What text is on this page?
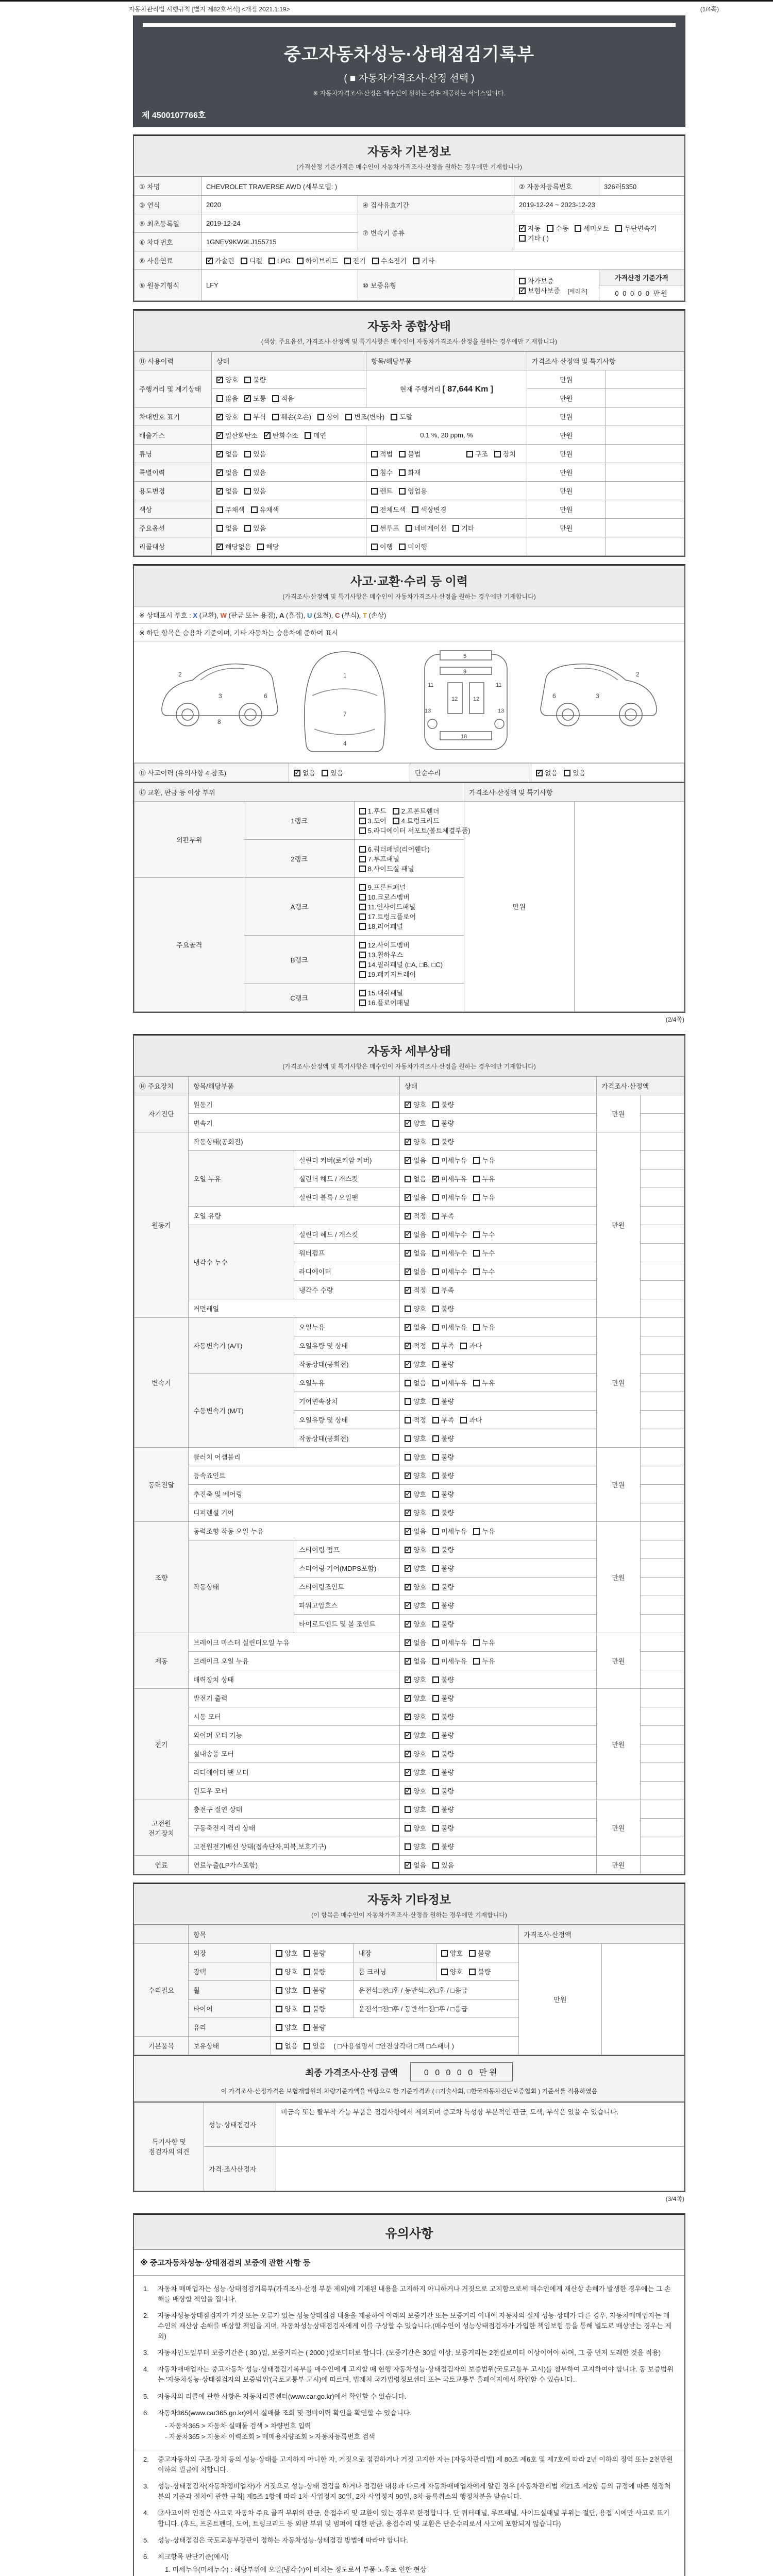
자동차관리법 시행규칙 [별지 제82호서식] <개정 2021.1.19>	(1/4쪽)
중고자동차성능·상태점검기록부
( ■ 자동차가격조사·산정 선택 )
※ 자동차가격조사·산정은 매수인이 원하는 경우 제공하는 서비스입니다.
제 4500107766호
자동차 기본정보
(가격산정 기준가격은 매수인이 자동차가격조사·산정을 원하는 경우에만 기재합니다)
① 차명	CHEVROLET TRAVERSE AWD (세부모델: )		② 자동차등록번호	326러5350
③ 연식	2020	④ 검사유효기간	2019-12-24 ~ 2023-12-23	
⑤ 최초등록일	2019-12-24	⑦ 변속기 종류	✓자동 수동 세미오토 무단변속기기타 ( )
⑥ 차대번호	1GNEV9KW9LJ155715			
⑧ 사용연료	✓가솔린 디젤 LPG 하이브리드 전기 수소전기 기타
⑨ 원동기형식	LFY	⑩ 보증유형	자가보증✓보험사보증 [메리츠]	가격산정 기준가격
0 0 0 0 0 만원
자동차 종합상태
(색상, 주요옵션, 가격조사·산정액 및 특기사항은 매수인이 자동차가격조사·산정을 원하는 경우에만 기재합니다)
⑪ 사용이력	상태	항목/해당부품	가격조사·산정액 및 특기사항	
주행거리 및 계기상태	✓양호 불량	현재 주행거리 [ 87,644 Km ]	만원	
	많음 ✓ 보통 적음		만원	
차대번호 표기	✓양호 부식 훼손(오손) 상이 변조(변타) 도말		만원	
배출가스	✓일산화탄소 ✓ 탄화수소 매연	0.1 %, 20 ppm, %	만원	
튜닝	✓없음 있음	적법 불법 구조 장치	만원	
특별이력	✓없음 있음	침수 화재	만원	
용도변경	✓없음 있음	렌트 영업용	만원	
색상	무채색 유채색	전체도색 색상변경	만원	
주요옵션	없음 있음	썬루프 네비게이션 기타	만원	
리콜대상	✓해당없음 해당	이행 미이행		
사고·교환·수리 등 이력
(가격조사·산정액 및 특기사항은 매수인이 자동차가격조사·산정을 원하는 경우에만 기재합니다)
※ 상태표시 부호 : X (교환), W (판금 또는 용접), A (흠집), U (요철), C (부식), T (손상)
※ 하단 항목은 승용차 기준이며, 기타 자동차는 승용차에 준하여 표시
2
3	6
8
1
7
4
5
9
11	11
13	13
12	12
18
2
3
6
⑫ 사고이력 (유의사항 4.참조)	✓없음 있음	단순수리	✓없음 있음
⑬ 교환, 판금 등 이상 부위			가격조사·산정액 및 특기사항	
외판부위	1랭크	1.후드 2.프론트휀더3.도어 4.트렁크리드5.라디에이터 서포트(볼트체결부품)	만원	
	2랭크	6.쿼터패널(리어휀다)7.루프패널8.사이드실 패널		
주요골격	A랭크	9.프론트패널10.크로스멤버11.인사이드패널17.트렁크플로어18.리어패널		
	B랭크	12.사이드멤버13.휠하우스14.필러패널 (□A, □B, □C)19.패키지트레이		
	C랭크	15.대쉬패널16.플로어패널		
(2/4쪽)
자동차 세부상태
(가격조사·산정액 및 특기사항은 매수인이 자동차가격조사·산정을 원하는 경우에만 기재합니다)
⑭ 주요장치	항목/해당부품		상태	가격조사·산정액	
자기진단	원동기	✓양호 불량	만원	
	변속기	✓양호 불량	
원동기	작동상태(공회전)	✓양호 불량	만원	
	오일 누유	실린더 커버(로커암 커버)	✓없음 미세누유 누유	
		실린더 헤드 / 개스킷	없음 ✓ 미세누유 누유	
		실린더 블록 / 오일팬	✓없음 미세누유 누유	
	오일 유량	✓적정 부족	
	냉각수 누수	실린더 헤드 / 개스킷	✓없음 미세누수 누수	
		워터펌프	✓없음 미세누수 누수	
		라디에이터	✓없음 미세누수 누수	
		냉각수 수량	✓적정 부족	
	커먼레일		양호 불량		
변속기	자동변속기 (A/T)	오일누유	✓없음 미세누유 누유	만원	
		오일유량 및 상태	✓적정 부족 과다	
		작동상태(공회전)	✓양호 불량	
	수동변속기 (M/T)	오일누유	없음 미세누유 누유		
		기어변속장치	양호 불량		
		오일유량 및 상태	적정 부족 과다		
		작동상태(공회전)	양호 불량		
동력전달	클러치 어셈블리		양호 불량	만원	
	등속죠인트	✓양호 불량	
	추진축 및 베어링	✓양호 불량	
	디퍼렌셜 기어	✓양호 불량	
조향	동력조향 작동 오일 누유	✓없음 미세누유 누유	만원	
	작동상태	스티어링 펌프	✓양호 불량	
		스티어링 기어(MDPS포함)	✓양호 불량	
		스티어링조인트	✓양호 불량	
		파워고압호스	✓양호 불량	
		타이로드엔드 및 볼 조인트	✓양호 불량	
제동	브레이크 마스터 실린더오일 누유	✓없음 미세누유 누유	만원	
	브레이크 오일 누유	✓없음 미세누유 누유	
	배력장치 상태	✓양호 불량	
전기	발전기 출력	✓양호 불량	만원	
	시동 모터	✓양호 불량	
	와이퍼 모터 기능	✓양호 불량	
	실내송풍 모터	✓양호 불량	
	라디에이터 팬 모터	✓양호 불량	
	윈도우 모터	✓양호 불량	
고전원 전기장치	충전구 절연 상태		양호 불량	만원	
	구동축전지 격리 상태		양호 불량		
	고전원전기배선 상태(접속단자,피복,보호기구)		양호 불량		
연료	연료누출(LP가스포함)	✓없음 있음	만원	
자동차 기타정보
(이 항목은 매수인이 자동차가격조사·산정을 원하는 경우에만 기재합니다)
	항목				가격조사·산정액	
수리필요	외장	양호 불량	내장	양호 불량	만원	
	광택	양호 불량	룸 크리닝	양호 불량		
	휠	양호 불량	운전석□전□후 / 동반석□전□후 / □응급			
	타이어	양호 불량	운전석□전□후 / 동반석□전□후 / □응급			
	유리	양호 불량				
기본품목	보유상태	없음 있음 ( □사용설명서 □안전삼각대 □잭 □스패너 )				
최종 가격조사·산정 금액	0 0 0 0 0 만원
이 가격조사·산정가격은 보험개발원의 차량기준가액을 바탕으로 한 기준가격과 ( □기술사회, □한국자동차진단보증협회 ) 기준서를 적용하였음
특기사항 및 점검자의 의견	성능·상태점검자	비금속 또는 탈부착 가능 부품은 점검사항에서 제외되며 중고차 특성상 부분적인 판금, 도색, 부식은 있을 수 있습니다.
	가격·조사산정자	
(3/4쪽)
유의사항
※ 중고자동차성능·상태점검의 보증에 관한 사항 등
1.	자동차 매매업자는 성능·상태점검기록부(가격조사·산정 부분 제외)에 기재된 내용을 고지하지 아니하거나 거짓으로 고지함으로써 매수인에게 재산상 손해가 발생한 경우에는 그 손해를 배상할 책임을 집니다.
2.	자동차성능상태점검자가 거짓 또는 오류가 있는 성능상태점검 내용을 제공하여 아래의 보증기간 또는 보증거리 이내에 자동차의 실제 성능·상태가 다른 경우, 자동차매매업자는 매수인의 재산상 손해를 배상할 책임을 지며, 자동차성능상태점검자에게 이를 구상할 수 있습니다.(매수인이 성능상태점검자가 가입한 책임보험 등을 통해 별도로 배상받는 경우는 제외)
3.	자동차인도일부터 보증기간은 ( 30 )일, 보증거리는 ( 2000 )킬로미터로 합니다. (보증기간은 30일 이상, 보증거리는 2천킬로미터 이상이어야 하며, 그 중 먼저 도래한 것을 적용)
4.	자동차매매업자는 중고자동차 성능·상태점검기록부를 매수인에게 고지할 때 현행 자동차성능·상태점검자의 보증범위(국토교통부 고시)를 첨부하여 고지하여야 합니다. 동 보증범위는 '자동차성능·상태점검자의 보증범위'(국토교통부 고시)에 따르며, 법제처 국가법령정보센터 또는 국토교통부 홈페이지에서 확인할 수 있습니다.
5.	자동차의 리콜에 관한 사항은 자동차리콜센터(www.car.go.kr)에서 확인할 수 있습니다.
6.	자동차365(www.car365.go.kr)에서 실매물 조회 및 정비이력 확인을 확인할 수 있습니다.
- 자동차365 > 자동차 실매물 검색 > 차량번호 입력
- 자동차365 > 자동차 이력조회 > 매매용차량조회 > 자동차등록번호 검색
2.	중고자동차의 구조·장치 등의 성능·상태를 고지하지 아니한 자, 거짓으로 점검하거나 거짓 고지한 자는 [자동차관리법] 제 80조 제6호 및 제7호에 따라 2년 이하의 징역 또는 2천만원 이하의 벌금에 처합니다.
3.	성능·상태점검자(자동차정비업자)가 거짓으로 성능·상태 점검을 하거나 점검한 내용과 다르게 자동차매매업자에게 알린 경우 [자동차관리법 제21조 제2항 등의 규정에 따른 행정처분의 기준과 절차에 관한 규칙] 제5조 1항에 따라 1차 사업정지 30일, 2차 사업정지 90일, 3차 등록취소의 행정처분을 받습니다.
4.	⑫사고이력 인정은 사고로 자동차 주요 골격 부위의 판금, 용접수리 및 교환이 있는 경우로 한정합니다. 단 쿼터패널, 루프패널, 사이드실패널 부위는 절단, 용접 시에만 사고로 표기합니다. (후드, 프론트펜더, 도어, 트렁크리드 등 외판 부위 및 범퍼에 대한 판금, 용접수리 및 교환은 단순수리로서 사고에 포함되지 않습니다)
5.	성능·상태점검은 국토교통부장관이 정하는 자동차성능·상태점검 방법에 따라야 합니다.
6.	체크항목 판단기준(예시)
1. 미세누유(미세누수) : 해당부위에 오일(냉각수)이 비치는 정도로서 부품 노후로 인한 현상
